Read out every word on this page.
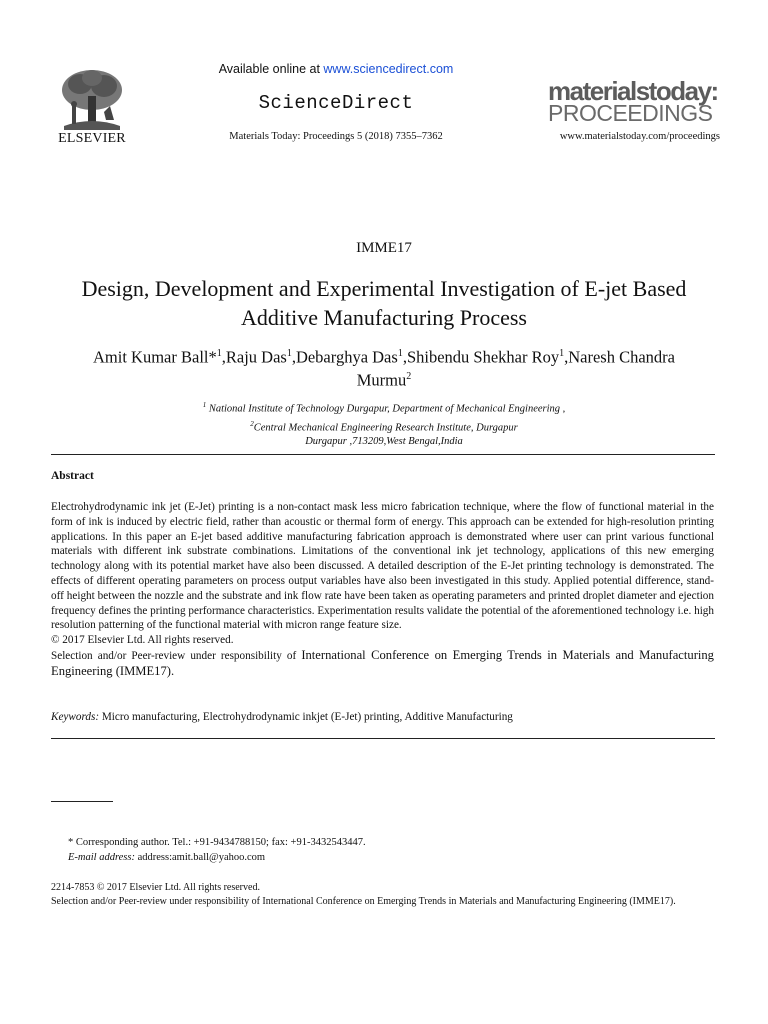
ELSEVIER
Available online at www.sciencedirect.com
ScienceDirect
Materials Today: Proceedings 5 (2018) 7355–7362
materialstoday:
PROCEEDINGS
www.materialstoday.com/proceedings
IMME17
Design, Development and Experimental Investigation of E-jet Based
Additive Manufacturing Process
Amit Kumar Ball*$^1$,Raju Das$^1$,Debarghya Das$^1$,Shibendu Shekhar Roy$^1$,Naresh Chandra
Murmu$^2$
$^1$ National Institute of Technology Durgapur, Department of Mechanical Engineering ,
$^2$Central Mechanical Engineering Research Institute, Durgapur
Durgapur ,713209,West Bengal,India
Abstract

Electrohydrodynamic ink jet (E-Jet) printing is a non-contact mask less micro fabrication technique, where the flow of functional material in the form of ink is induced by electric field, rather than acoustic or thermal form of energy. This approach can be extended for high-resolution printing applications. In this paper an E-jet based additive manufacturing fabrication approach is demonstrated where user can print various functional materials with different ink substrate combinations. Limitations of the conventional ink jet technology, applications of this new emerging technology along with its potential market have also been discussed. A detailed description of the E-Jet printing technology is demonstrated. The effects of different operating parameters on process output variables have also been investigated in this study. Applied potential difference, stand-off height between the nozzle and the substrate and ink flow rate have been taken as operating parameters and printed droplet diameter and ejection frequency defines the printing performance characteristics. Experimentation results validate the potential of the aforementioned technology i.e. high resolution patterning of the functional material with micron range feature size.

© 2017 Elsevier Ltd. All rights reserved.

Selection and/or Peer-review under responsibility of International Conference on Emerging Trends in Materials and Manufacturing Engineering (IMME17).

Keywords: Micro manufacturing, Electrohydrodynamic inkjet (E-Jet) printing, Additive Manufacturing
* Corresponding author. Tel.: +91-9434788150; fax: +91-3432543447.
E-mail address: address:amit.ball@yahoo.com
2214-7853 © 2017 Elsevier Ltd. All rights reserved.
Selection and/or Peer-review under responsibility of International Conference on Emerging Trends in Materials and Manufacturing Engineering (IMME17).
